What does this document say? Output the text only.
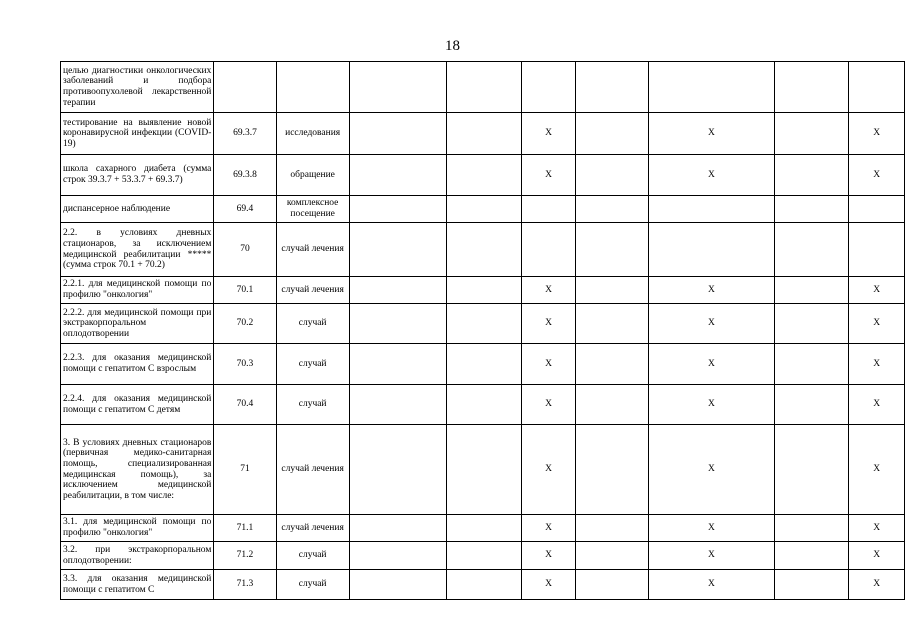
18
целью диагностики онкологических заболеваний и подбора противоопухолевой лекарственной терапии									
тестирование на выявление новой коронавирусной инфекции (COVID-19)	69.3.7	исследования			X		X		X
школа сахарного диабета (сумма строк 39.3.7 + 53.3.7 + 69.3.7)	69.3.8	обращение			X		X		X
диспансерное наблюдение	69.4	комплексное посещение							
2.2. в условиях дневных стационаров, за исключением медицинской реабилитации ***** (сумма строк 70.1 + 70.2)	70	случай лечения							
2.2.1. для медицинской помощи по профилю "онкология"	70.1	случай лечения			X		X		X
2.2.2. для медицинской помощи при экстракорпоральном оплодотворении	70.2	случай			X		X		X
2.2.3. для оказания медицинской помощи с гепатитом С взрослым	70.3	случай			X		X		X
2.2.4. для оказания медицинской помощи с гепатитом С детям	70.4	случай			X		X		X
3. В условиях дневных стационаров (первичная медико-санитарная помощь, специализированная медицинская помощь), за исключением медицинской реабилитации, в том числе:	71	случай лечения			X		X		X
3.1. для медицинской помощи по профилю "онкология"	71.1	случай лечения			X		X		X
3.2. при экстракорпоральном оплодотворении:	71.2	случай			X		X		X
3.3. для оказания медицинской помощи с гепатитом С	71.3	случай			X		X		X
